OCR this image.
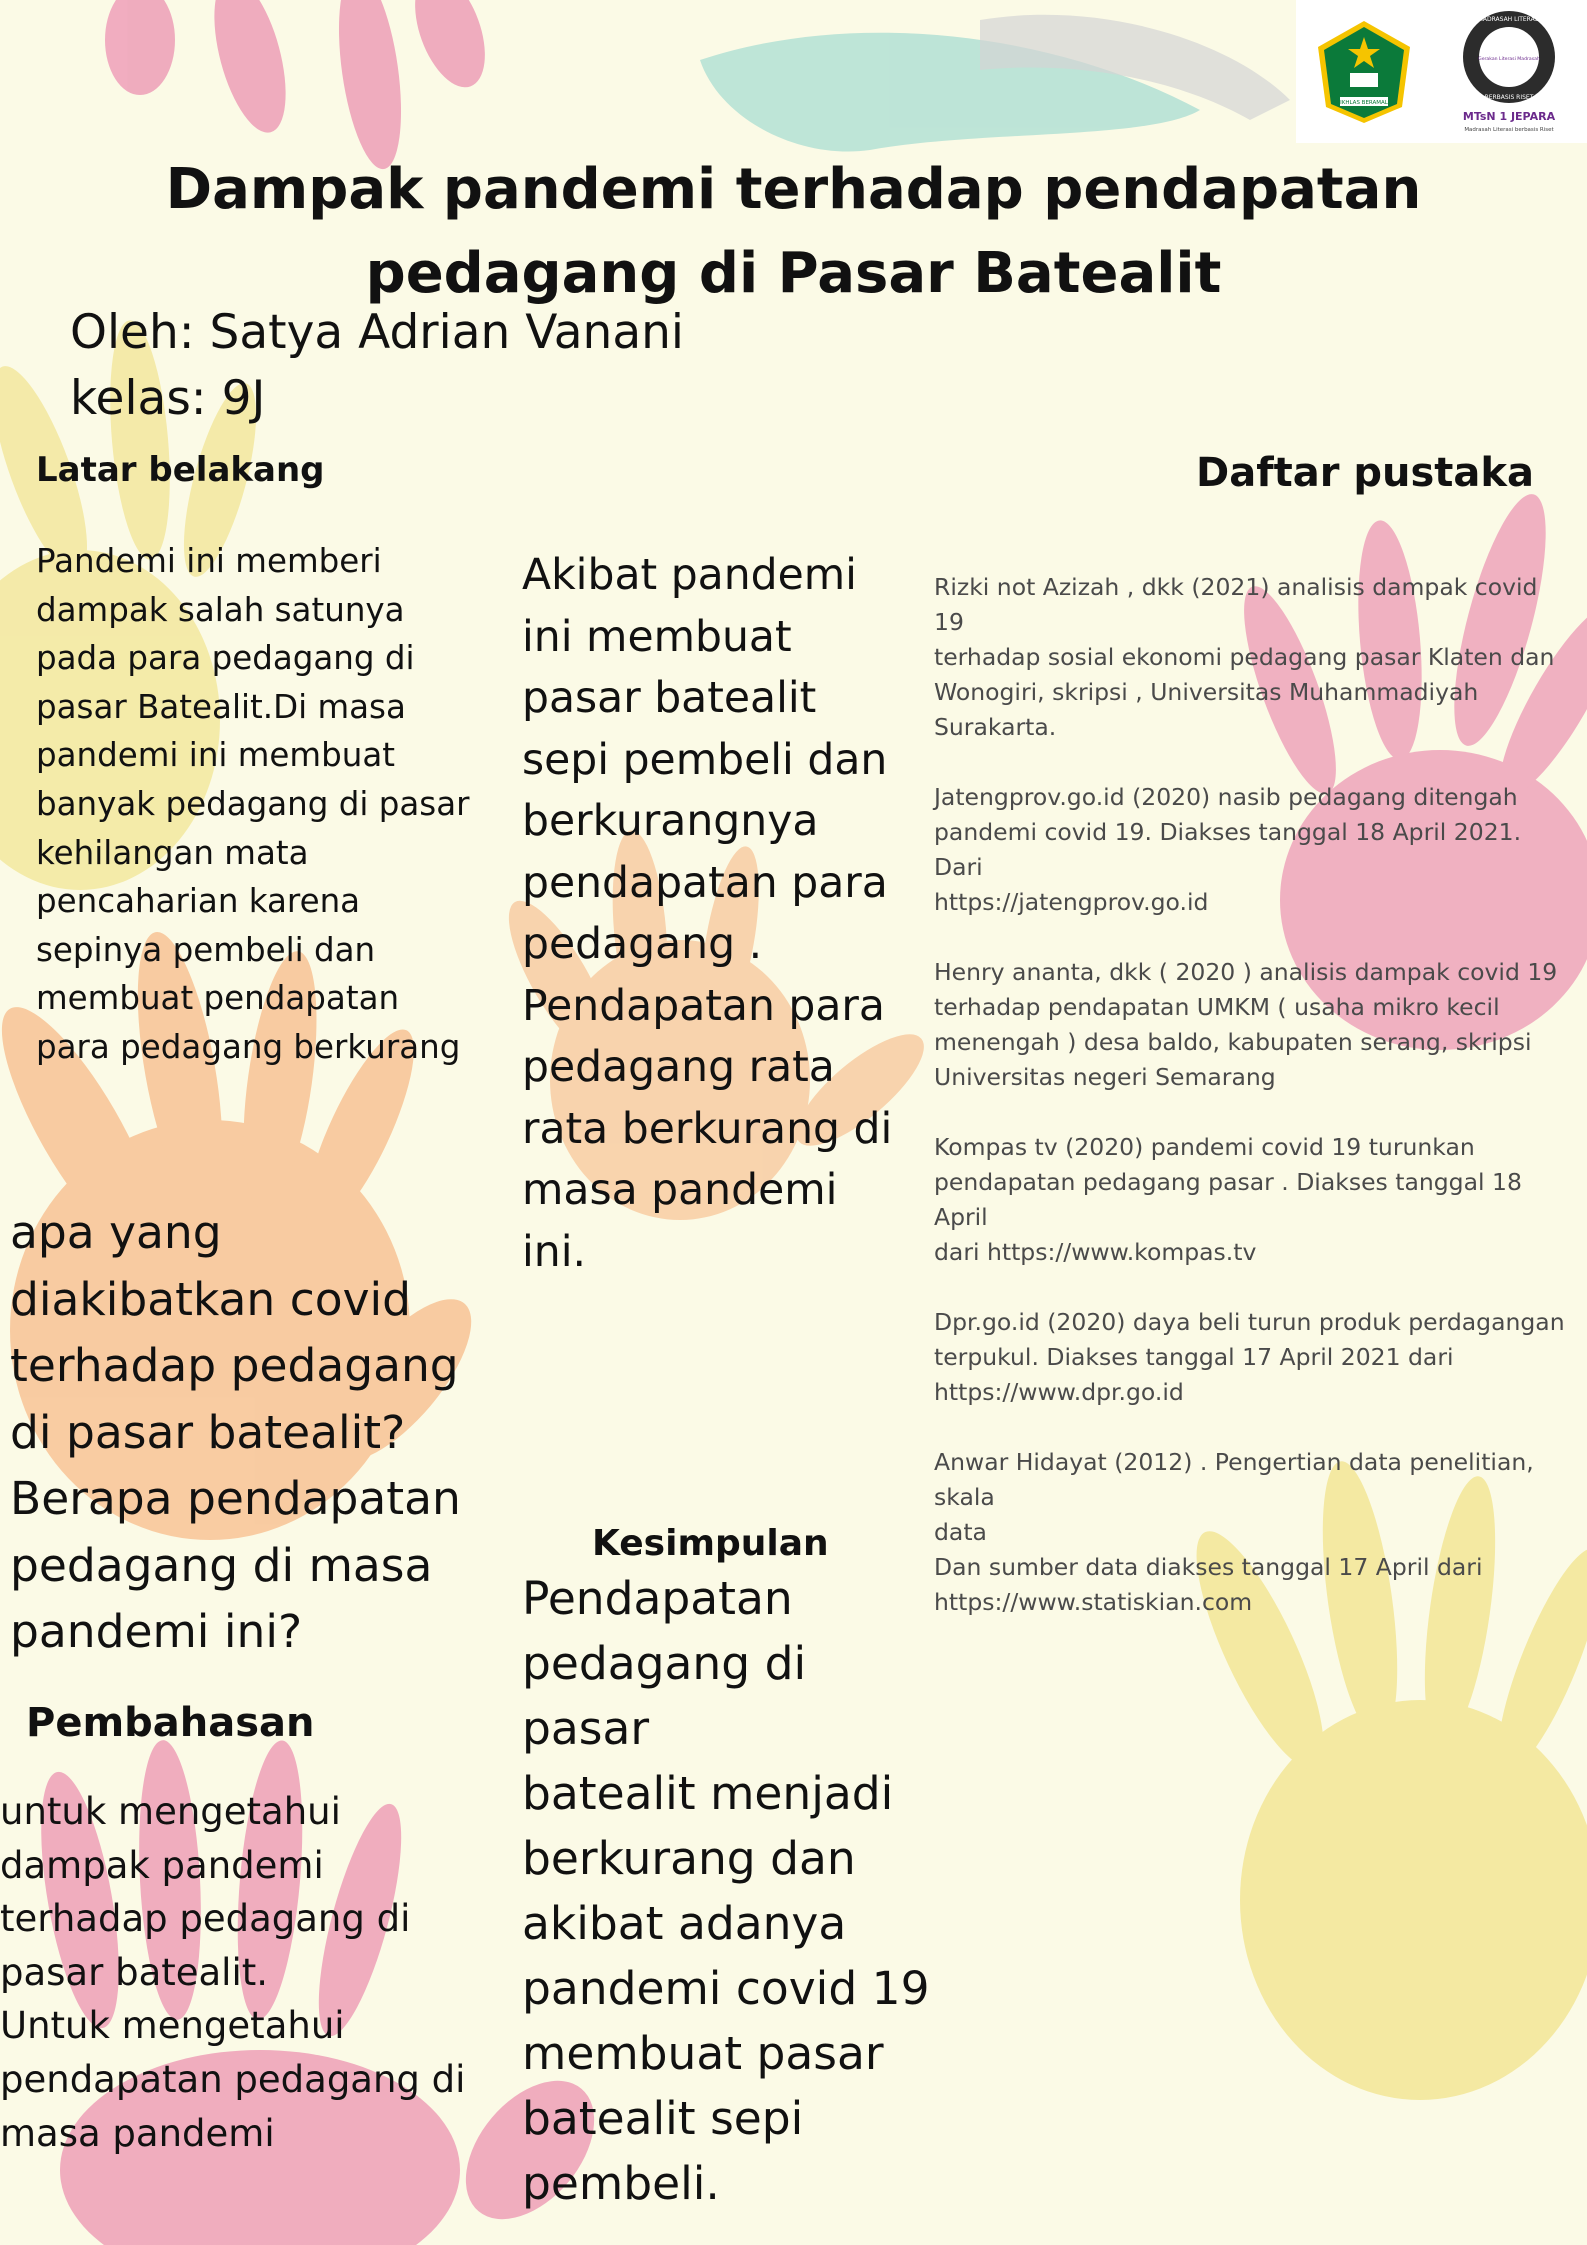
IKHLAS BERAMAL
MADRASAH LITERASI
BERBASIS RISET
Gerakan Literasi Madrasah
MTsN 1 JEPARA
Madrasah Literasi berbasis Riset
Dampak pandemi terhadap pendapatan pedagang di Pasar Batealit
Oleh: Satya Adrian Vanani
kelas: 9J
Latar belakang

Pandemi ini memberi
dampak salah satunya
pada para pedagang di
pasar Batealit.Di masa
pandemi ini membuat
banyak pedagang di pasar
kehilangan mata
pencaharian karena
sepinya pembeli dan
membuat pendapatan
para pedagang berkurang

Akibat pandemi
ini membuat
pasar batealit
sepi pembeli dan
berkurangnya
pendapatan para
pedagang .
Pendapatan para
pedagang rata
rata berkurang di
masa pandemi
ini.

apa yang
diakibatkan covid
terhadap pedagang
di pasar batealit?
Berapa pendapatan
pedagang di masa
pandemi ini?

Pembahasan

untuk mengetahui
dampak pandemi
terhadap pedagang di
pasar batealit.
Untuk mengetahui
pendapatan pedagang di
masa pandemi

Kesimpulan

Pendapatan
pedagang di pasar
batealit menjadi
berkurang dan
akibat adanya
pandemi covid 19
membuat pasar
batealit sepi
pembeli.

Daftar pustaka
Rizki not Azizah , dkk (2021) analisis dampak covid 19
terhadap sosial ekonomi pedagang pasar Klaten dan
Wonogiri, skripsi , Universitas Muhammadiyah Surakarta.
Jatengprov.go.id (2020) nasib pedagang ditengah
pandemi covid 19. Diakses tanggal 18 April 2021. Dari
https://jatengprov.go.id
Henry ananta, dkk ( 2020 ) analisis dampak covid 19
terhadap pendapatan UMKM ( usaha mikro kecil
menengah ) desa baldo, kabupaten serang, skripsi
Universitas negeri Semarang
Kompas tv (2020) pandemi covid 19 turunkan
pendapatan pedagang pasar . Diakses tanggal 18 April
dari https://www.kompas.tv
Dpr.go.id (2020) daya beli turun produk perdagangan
terpukul. Diakses tanggal 17 April 2021 dari
https://www.dpr.go.id
Anwar Hidayat (2012) . Pengertian data penelitian, skala
data
Dan sumber data diakses tanggal 17 April dari
https://www.statiskian.com
